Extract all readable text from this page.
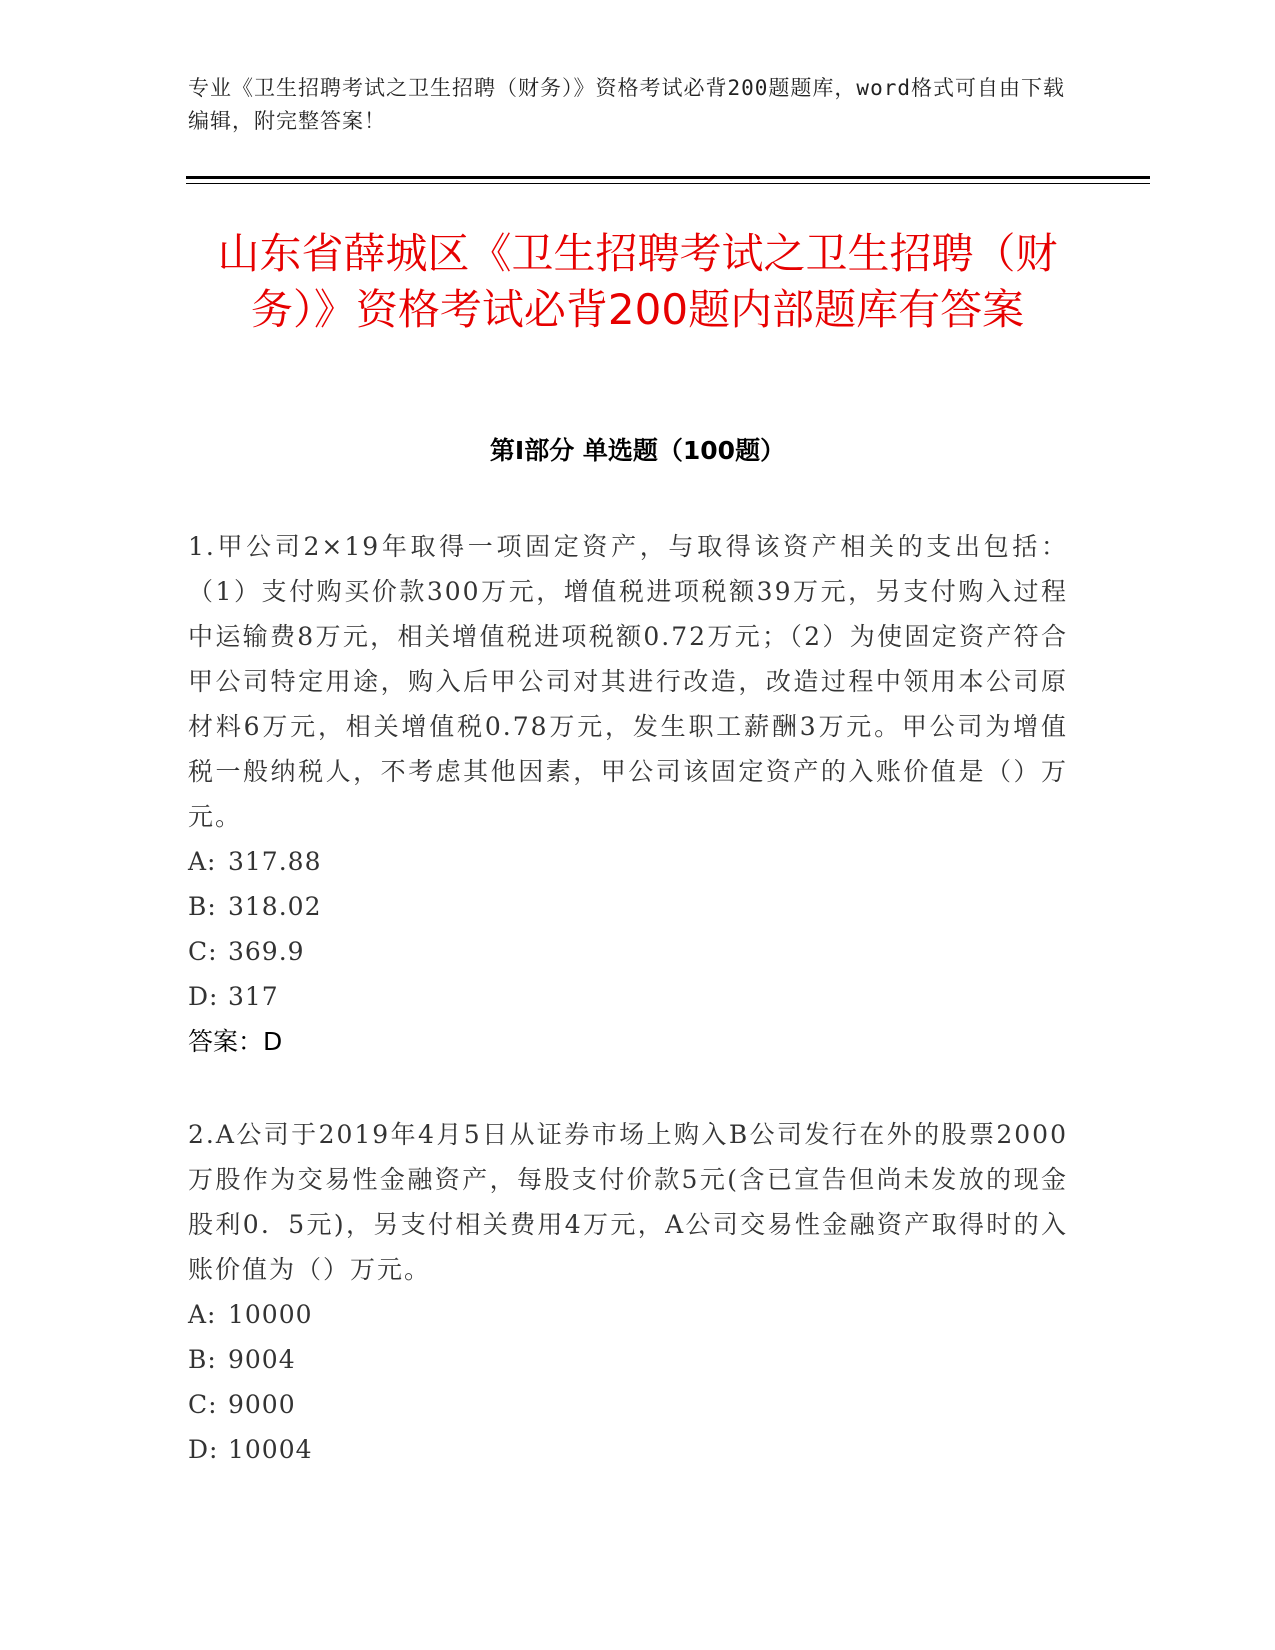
专业《卫生招聘考试之卫生招聘（财务）》资格考试必背200题题库，word格式可自由下载编辑，附完整答案！
山东省薛城区《卫生招聘考试之卫生招聘（财务）》资格考试必背200题内部题库有答案
第I部分 单选题（100题）

1.甲公司2×19年取得一项固定资产，与取得该资产相关的支出包括：（1）支付购买价款300万元，增值税进项税额39万元，另支付购入过程中运输费8万元，相关增值税进项税额0.72万元；（2）为使固定资产符合甲公司特定用途，购入后甲公司对其进行改造，改造过程中领用本公司原材料6万元，相关增值税0.78万元，发生职工薪酬3万元。甲公司为增值税一般纳税人，不考虑其他因素，甲公司该固定资产的入账价值是（）万元。

A: 317.88
B: 318.02
C: 369.9
D: 317
答案：D

2.A公司于2019年4月5日从证券市场上购入B公司发行在外的股票2000万股作为交易性金融资产，每股支付价款5元(含已宣告但尚未发放的现金股利0．5元)，另支付相关费用4万元，A公司交易性金融资产取得时的入账价值为（）万元。

A: 10000
B: 9004
C: 9000
D: 10004
